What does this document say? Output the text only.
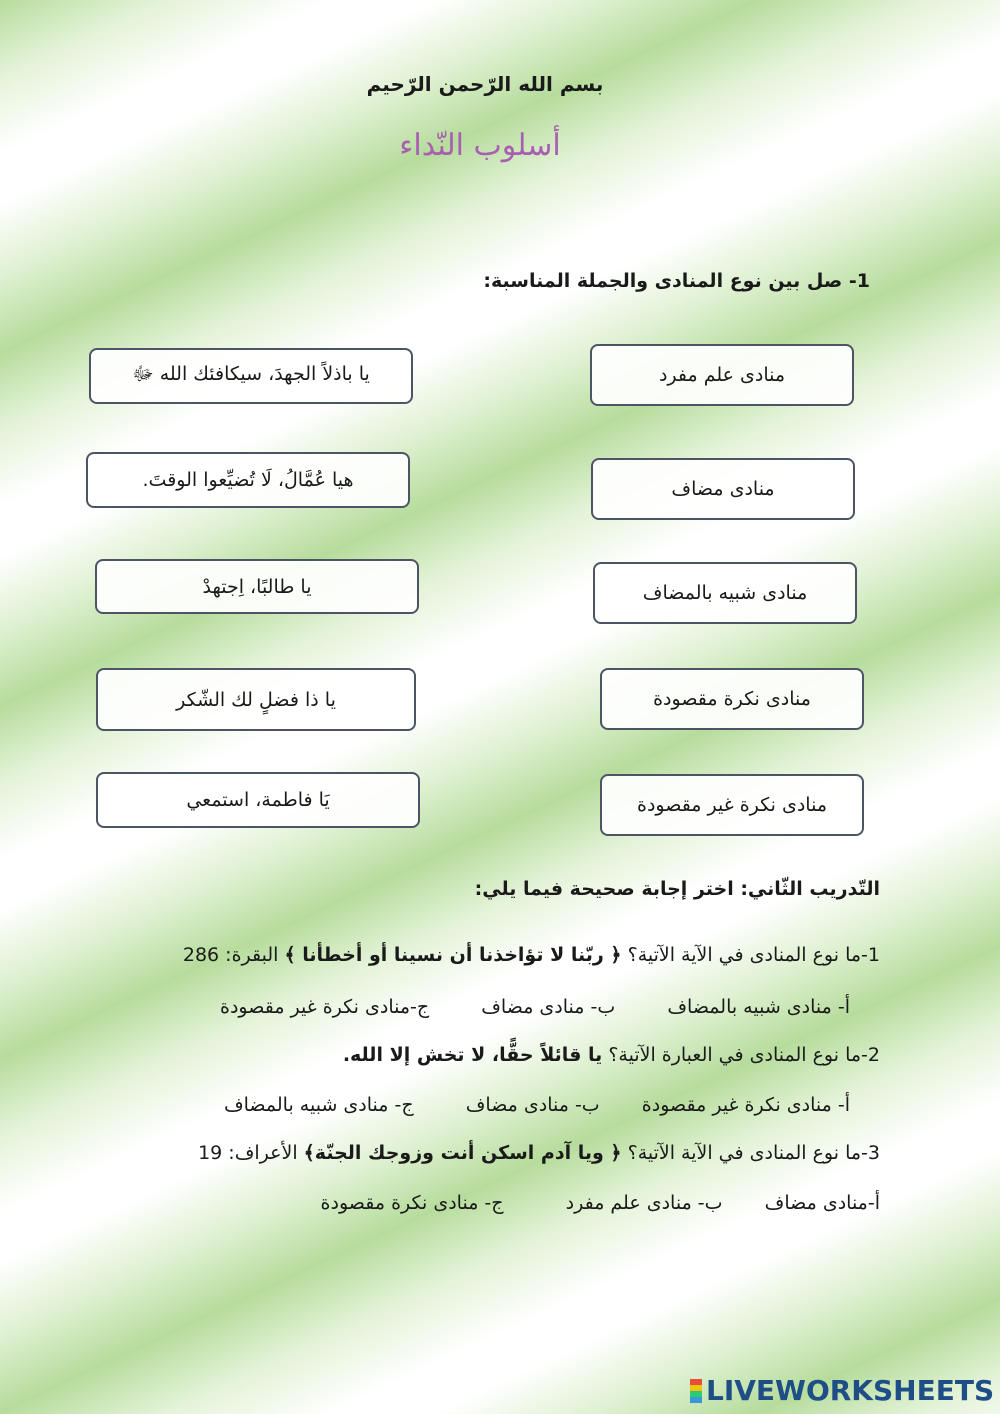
بسم الله الرّحمن الرّحيم
أسلوب النّداء
1- صل بين نوع المنادى والجملة المناسبة:
منادى علم مفرد
منادى مضاف
منادى شبيه بالمضاف
منادى نكرة مقصودة
منادى نكرة غير مقصودة
يا باذلاً الجهدَ، سيكافئك الله ﷻ
هيا عُمَّالُ، لَا تُضيِّعوا الوقتَ.
يا طالبًا، اِجتهدْ
يا ذا فضلٍ لك الشّكر
يَا فاطمة، استمعي
التّدريب الثّاني: اختر إجابة صحيحة فيما يلي:
1-ما نوع المنادى في الآية الآتية؟ ﴿ ربّنا لا تؤاخذنا أن نسينا أو أخطأنا ﴾ البقرة: 286
أ- منادى شبيه بالمضاف  ب- منادى مضاف  ج-منادى نكرة غير مقصودة
2-ما نوع المنادى في العبارة الآتية؟ يا قائلاً حقًّا، لا تخش إلا الله.
أ- منادى نكرة غير مقصودة  ب- منادى مضاف  ج- منادى شبيه بالمضاف
3-ما نوع المنادى في الآية الآتية؟ ﴿ ويا آدم اسكن أنت وزوجك الجنّة﴾ الأعراف: 19
أ-منادى مضاف  ب- منادى علم مفرد  ج- منادى نكرة مقصودة
LIVEWORKSHEETS
